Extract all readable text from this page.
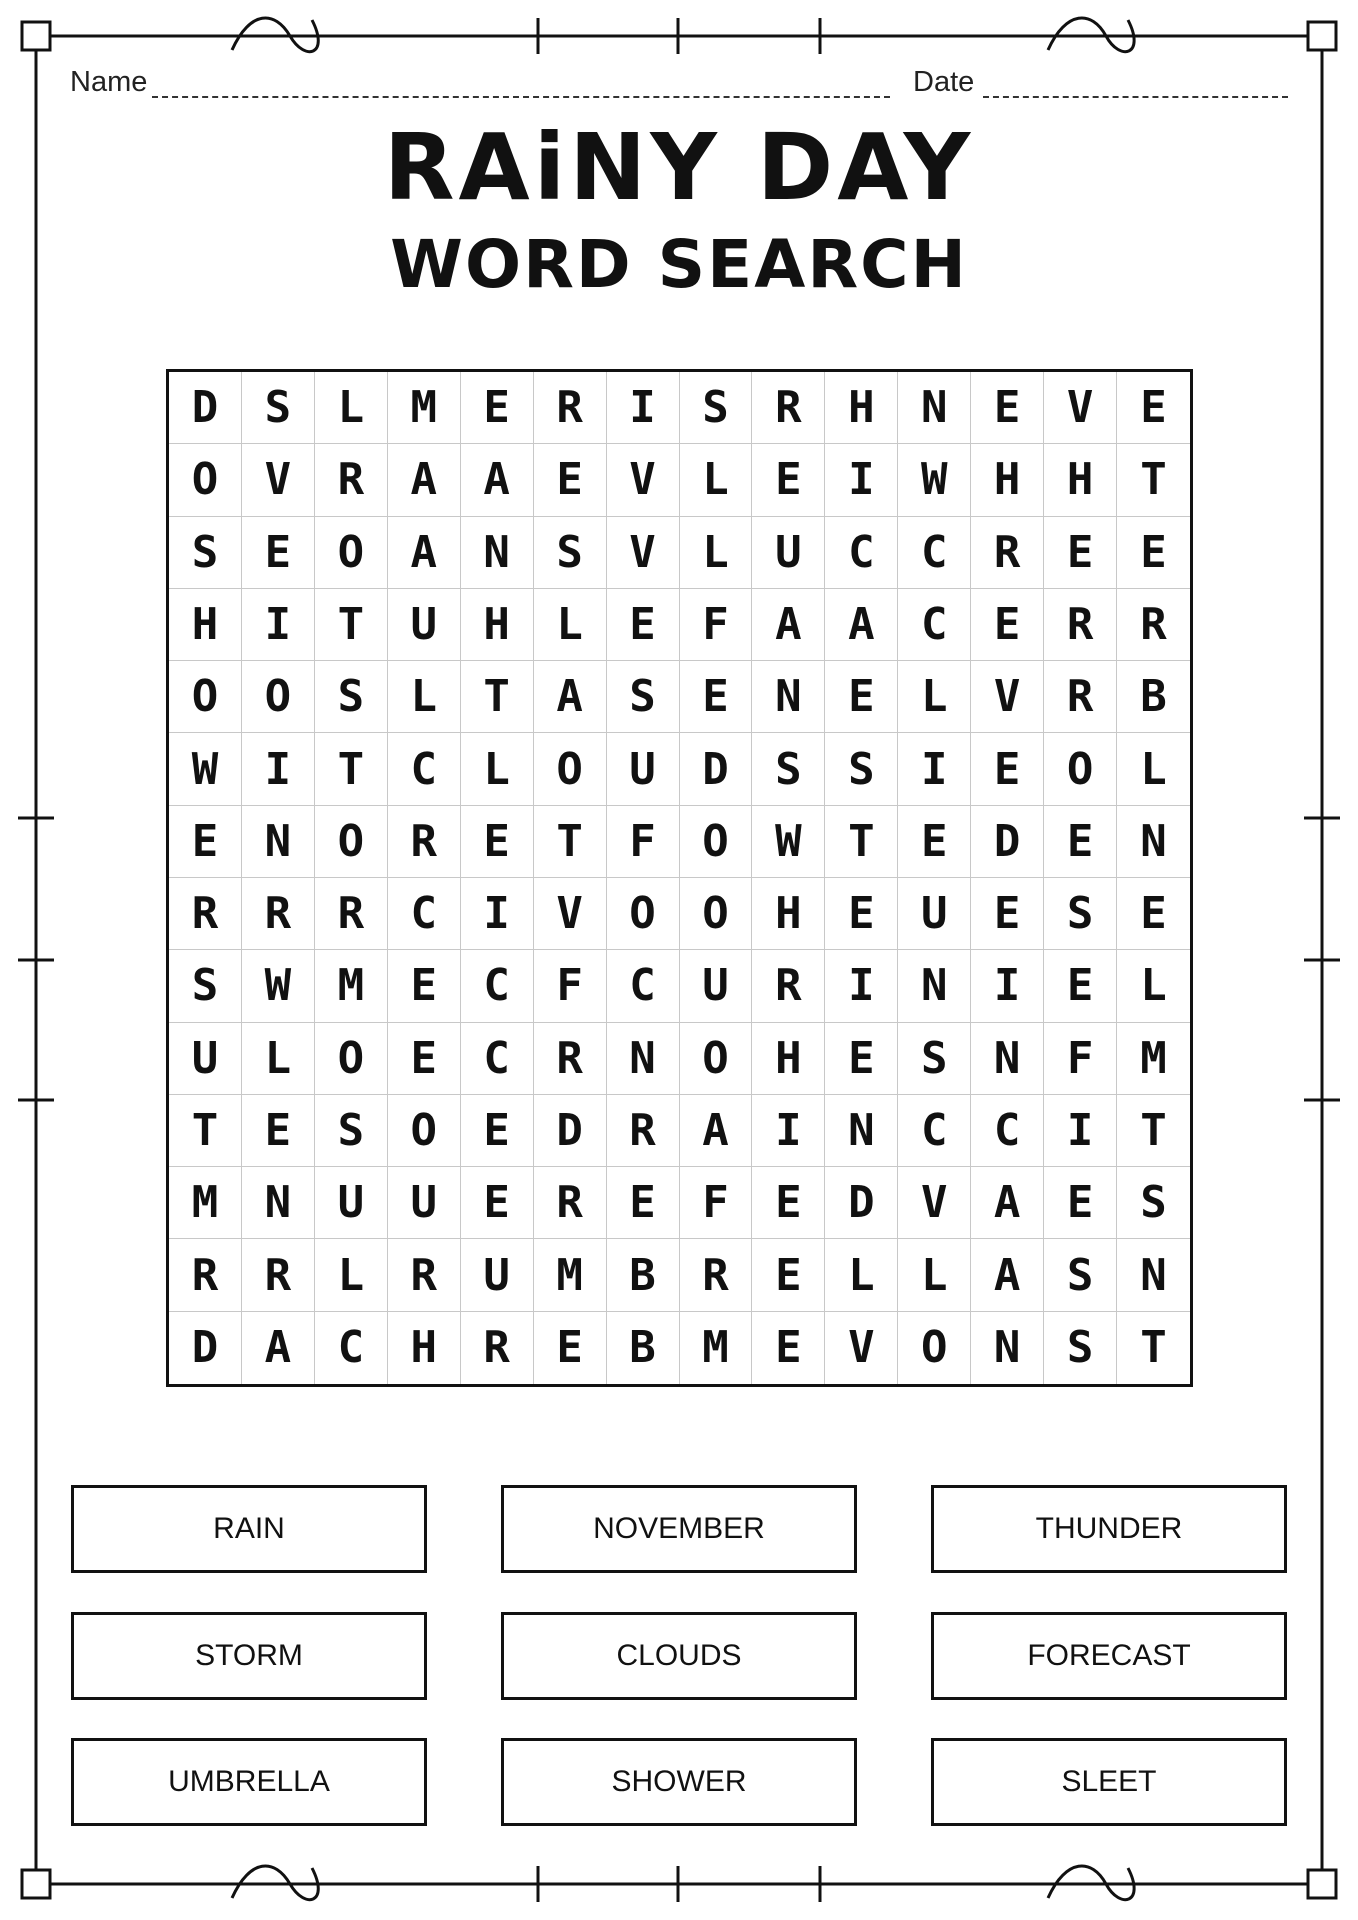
Name	Date
RAiNY DAY
WORD SEARCH
D	S	L	M	E	R	I	S	R	H	N	E	V	E
O	V	R	A	A	E	V	L	E	I	W	H	H	T
S	E	O	A	N	S	V	L	U	C	C	R	E	E
H	I	T	U	H	L	E	F	A	A	C	E	R	R
O	O	S	L	T	A	S	E	N	E	L	V	R	B
W	I	T	C	L	O	U	D	S	S	I	E	O	L
E	N	O	R	E	T	F	O	W	T	E	D	E	N
R	R	R	C	I	V	O	O	H	E	U	E	S	E
S	W	M	E	C	F	C	U	R	I	N	I	E	L
U	L	O	E	C	R	N	O	H	E	S	N	F	M
T	E	S	O	E	D	R	A	I	N	C	C	I	T
M	N	U	U	E	R	E	F	E	D	V	A	E	S
R	R	L	R	U	M	B	R	E	L	L	A	S	N
D	A	C	H	R	E	B	M	E	V	O	N	S	T
RAIN	NOVEMBER	THUNDER
STORM	CLOUDS	FORECAST
UMBRELLA	SHOWER	SLEET
